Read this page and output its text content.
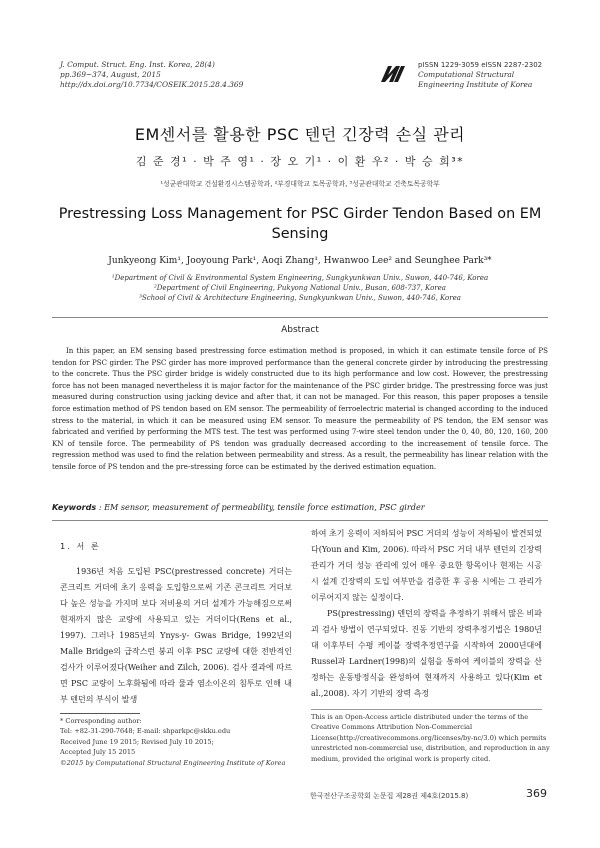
J. Comput. Struct. Eng. Inst. Korea, 28(4)
pp.369~374, August, 2015
http://dx.doi.org/10.7734/COSEIK.2015.28.4.369
pISSN 1229-3059 eISSN 2287-2302
Computational Structural
Engineering Institute of Korea
EM센서를 활용한 PSC 텐던 긴장력 손실 관리
김 준 경¹ · 박 주 영¹ · 장 오 기¹ · 이 환 우² · 박 승 희³*
¹성균관대학교 건설환경시스템공학과, ²부경대학교 토목공학과, ³성균관대학교 건축토목공학부
Prestressing Loss Management for PSC Girder Tendon Based on EM Sensing
Junkyeong Kim¹, Jooyoung Park¹, Aoqi Zhang¹, Hwanwoo Lee² and Seunghee Park³*
¹Department of Civil & Environmental System Engineering, Sungkyunkwan Univ., Suwon, 440-746, Korea
²Department of Civil Engineering, Pukyong National Univ., Busan, 608-737, Korea
³School of Civil & Architecture Engineering, Sungkyunkwan Univ., Suwon, 440-746, Korea
Abstract
In this paper, an EM sensing based prestressing force estimation method is proposed, in which it can estimate tensile force of PS tendon for PSC girder. The PSC girder has more improved performance than the general concrete girder by introducing the prestressing to the concrete. Thus the PSC girder bridge is widely constructed due to its high performance and low cost. However, the prestressing force has not been managed nevertheless it is major factor for the maintenance of the PSC girder bridge. The prestressing force was just measured during construction using jacking device and after that, it can not be managed. For this reason, this paper proposes a tensile force estimation method of PS tendon based on EM sensor. The permeability of ferroelectric material is changed according to the induced stress to the material, in which it can be measured using EM sensor. To measure the permeability of PS tendon, the EM sensor was fabricated and verified by performing the MTS test. The test was performed using 7-wire steel tendon under the 0, 40, 80, 120, 160, 200 KN of tensile force. The permeability of PS tendon was gradually decreased according to the increasement of tensile force. The regression method was used to find the relation between permeability and stress. As a result, the permeability has linear relation with the tensile force of PS tendon and the pre-stressing force can be estimated by the derived estimation equation.
Keywords : EM sensor, measurement of permeability, tensile force estimation, PSC girder
1. 서 론
1936년 처음 도입된 PSC(prestressed concrete) 거더는 콘크리트 거더에 초기 응력을 도입함으로써 기존 콘크리트 거더보다 높은 성능을 가지며 보다 저비용의 거더 설계가 가능해짐으로써 현재까지 많은 교량에 사용되고 있는 거더이다(Rens et al., 1997). 그러나 1985년의 Ynys-y- Gwas Bridge, 1992년의 Malle Bridge의 급작스런 붕괴 이후 PSC 교량에 대한 전반적인 검사가 이루어졌다(Weiher and Zilch, 2006). 검사 결과에 따르면 PSC 교량이 노후화됨에 따라 물과 염소이온의 침투로 인해 내부 텐던의 부식이 발생

하여 초기 응력이 저하되어 PSC 거더의 성능이 저하됨이 발견되었다(Youn and Kim, 2006). 따라서 PSC 거더 내부 텐던의 긴장력 관리가 거더 성능 관리에 있어 매우 중요한 항목이나 현재는 시공 시 설계 긴장력의 도입 여부만을 검증한 후 공용 시에는 그 관리가 이루어지지 않는 실정이다.

PS(prestressing) 텐던의 장력을 추정하기 위해서 많은 비파괴 검사 방법이 연구되었다. 진동 기반의 장력추정기법은 1980년대 이후부터 수평 케이블 장력추정연구를 시작하여 2000년대에 Russel과 Lardner(1998)의 실험을 통하여 케이블의 장력을 산정하는 운동방정식을 완성하여 현재까지 사용하고 있다(Kim et al.,2008). 자기 기반의 장력 측정

* Corresponding author:
Tel: +82-31-290-7648; E-mail: shparkpc@skku.edu
Received June 19 2015; Revised July 10 2015;
Accepted July 15 2015
©2015 by Computational Structural Engineering Institute of Korea
This is an Open-Access article distributed under the terms of the Creative Commons Attribution Non-Commercial License(http://creativecommons.org/licenses/by-nc/3.0) which permits unrestricted non-commercial use, distribution, and reproduction in any medium, provided the original work is properly cited.
한국전산구조공학회 논문집 제28권 제4호(2015.8)	369
